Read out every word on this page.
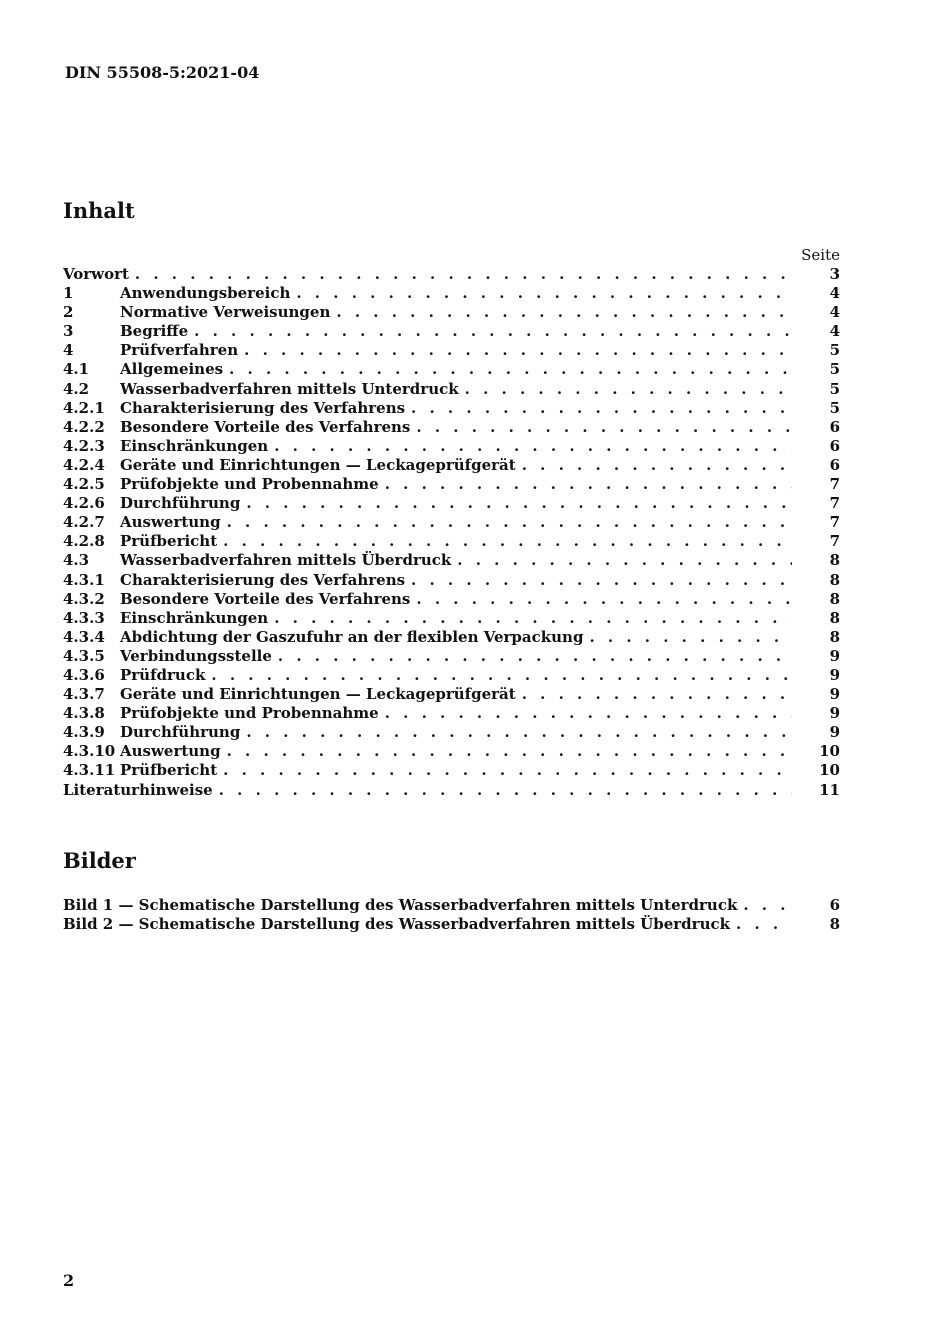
DIN 55508-5:2021-04
Inhalt
Seite
Vorwort . . .	3
1	Anwendungsbereich . . .	4
2	Normative Verweisungen . . .	4
3	Begriffe . . .	4
4	Prüfverfahren . . .	5
4.1	Allgemeines . . .	5
4.2	Wasserbadverfahren mittels Unterdruck . . .	5
4.2.1	Charakterisierung des Verfahrens . . .	5
4.2.2	Besondere Vorteile des Verfahrens . . .	6
4.2.3	Einschränkungen . . .	6
4.2.4	Geräte und Einrichtungen — Leckageprüfgerät . . .	6
4.2.5	Prüfobjekte und Probennahme . . .	7
4.2.6	Durchführung . . .	7
4.2.7	Auswertung . . .	7
4.2.8	Prüfbericht . . .	7
4.3	Wasserbadverfahren mittels Überdruck . . .	8
4.3.1	Charakterisierung des Verfahrens . . .	8
4.3.2	Besondere Vorteile des Verfahrens . . .	8
4.3.3	Einschränkungen . . .	8
4.3.4	Abdichtung der Gaszufuhr an der flexiblen Verpackung . . .	8
4.3.5	Verbindungsstelle . . .	9
4.3.6	Prüfdruck . . .	9
4.3.7	Geräte und Einrichtungen — Leckageprüfgerät . . .	9
4.3.8	Prüfobjekte und Probennahme . . .	9
4.3.9	Durchführung . . .	9
4.3.10 Auswertung . . .	10
4.3.11 Prüfbericht . . .	10
Literaturhinweise . . .	11
Bilder
Bild 1 — Schematische Darstellung des Wasserbadverfahren mittels Unterdruck . . .	6
Bild 2 — Schematische Darstellung des Wasserbadverfahren mittels Überdruck . . .	8
2
